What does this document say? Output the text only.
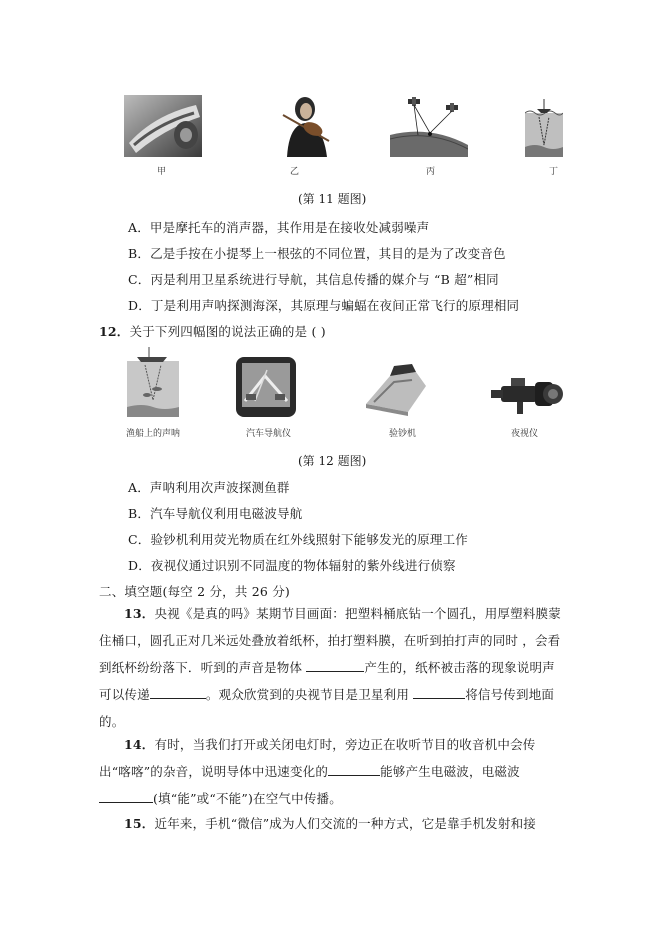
甲	乙	丙	丁
(第 11 题图)
A．甲是摩托车的消声器，其作用是在接收处减弱噪声
B．乙是手按在小提琴上一根弦的不同位置，其目的是为了改变音色
C．丙是利用卫星系统进行导航，其信息传播的媒介与 “B 超”相同
D．丁是利用声呐探测海深，其原理与蝙蝠在夜间正常飞行的原理相同
12．关于下列四幅图的说法正确的是 ( )
渔船上的声呐	汽车导航仪	验钞机	夜视仪
(第 12 题图)
A．声呐利用次声波探测鱼群
B．汽车导航仪利用电磁波导航
C．验钞机利用荧光物质在红外线照射下能够发光的原理工作
D．夜视仪通过识别不同温度的物体辐射的紫外线进行侦察
二、填空题(每空 2 分，共 26 分)
13．央视《是真的吗》某期节目画面：把塑料桶底钻一个圆孔，用厚塑料膜蒙住桶口，圆孔正对几米远处叠放着纸杯，拍打塑料膜，在听到拍打声的同时 ，会看到纸杯纷纷落下．听到的声音是物体	产生的，纸杯被击落的现象说明声可以传递	。观众欣赏到的央视节目是卫星利用	将信号传到地面的。
14．有时，当我们打开或关闭电灯时，旁边正在收听节目的收音机中会传出“喀喀”的杂音，说明导体中迅速变化的	能够产生电磁波，电磁波(填“能”或“不能”)在空气中传播。
15．近年来，手机“微信”成为人们交流的一种方式，它是靠手机发射和接
